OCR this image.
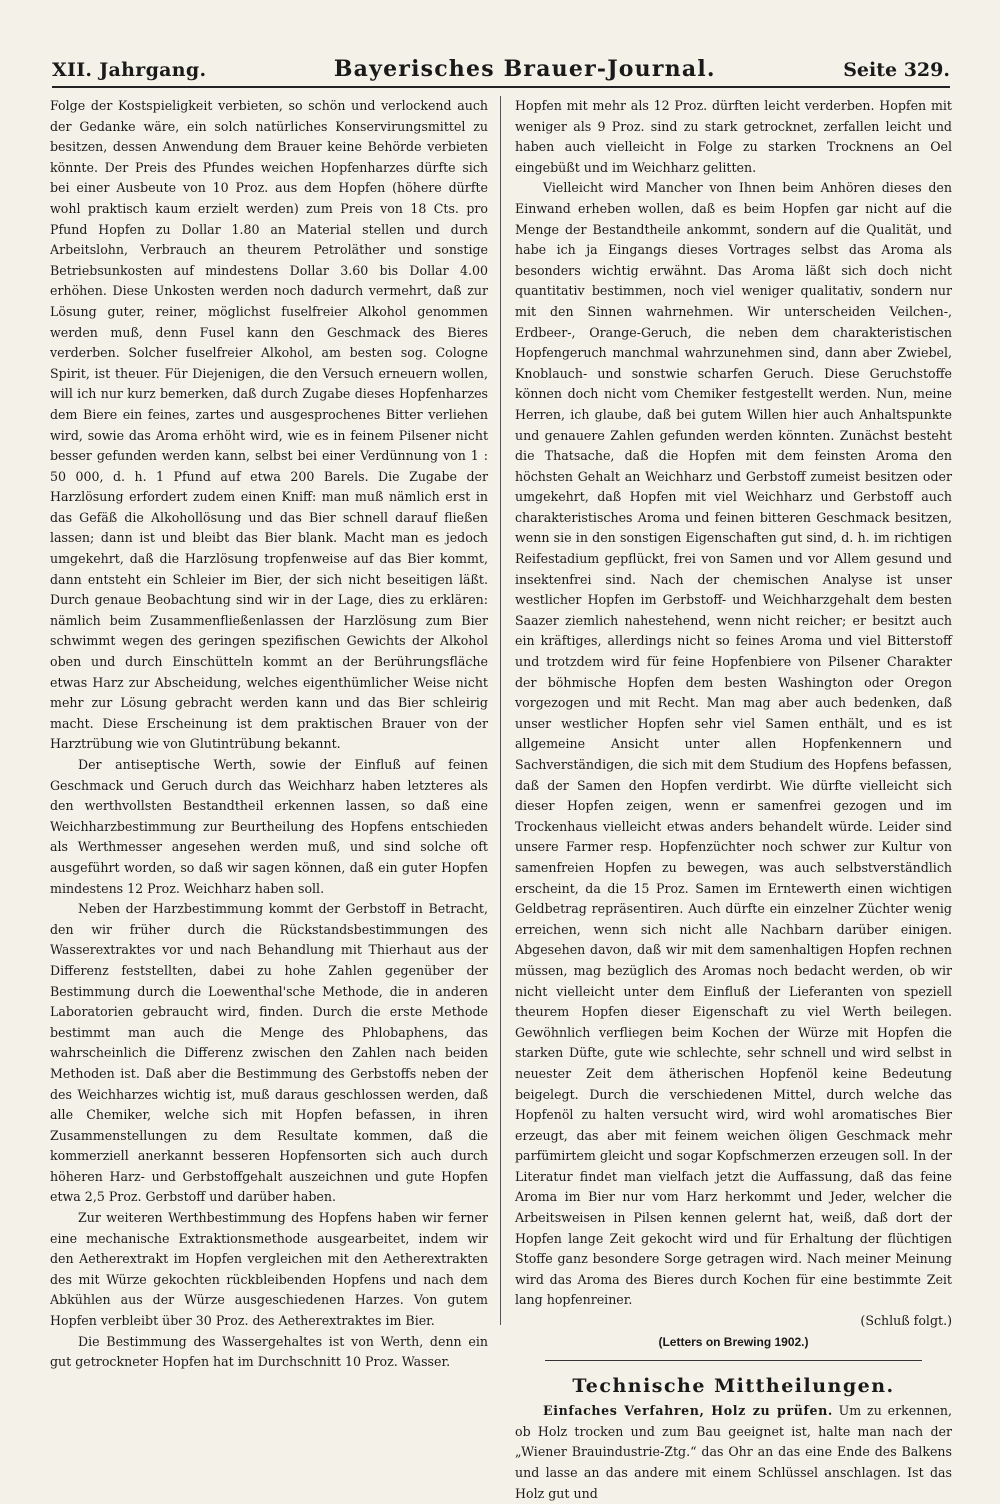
XII. Jahrgang.	Bayerisches Brauer-Journal.	Seite 329.

Folge der Kostspieligkeit verbieten, so schön und verlockend auch der Gedanke wäre, ein solch natürliches Konservirungsmittel zu besitzen, dessen Anwendung dem Brauer keine Behörde verbieten könnte. Der Preis des Pfundes weichen Hopfenharzes dürfte sich bei einer Ausbeute von 10 Proz. aus dem Hopfen (höhere dürfte wohl praktisch kaum erzielt werden) zum Preis von 18 Cts. pro Pfund Hopfen zu Dollar 1.80 an Material stellen und durch Arbeitslohn, Verbrauch an theurem Petroläther und sonstige Betriebsunkosten auf mindestens Dollar 3.60 bis Dollar 4.00 erhöhen. Diese Unkosten werden noch dadurch vermehrt, daß zur Lösung guter, reiner, möglichst fuselfreier Alkohol genommen werden muß, denn Fusel kann den Geschmack des Bieres verderben. Solcher fuselfreier Alkohol, am besten sog. Cologne Spirit, ist theuer. Für Diejenigen, die den Versuch erneuern wollen, will ich nur kurz bemerken, daß durch Zugabe dieses Hopfenharzes dem Biere ein feines, zartes und ausgesprochenes Bitter verliehen wird, sowie das Aroma erhöht wird, wie es in feinem Pilsener nicht besser gefunden werden kann, selbst bei einer Verdünnung von 1 : 50 000, d. h. 1 Pfund auf etwa 200 Barels. Die Zugabe der Harzlösung erfordert zudem einen Kniff: man muß nämlich erst in das Gefäß die Alkohollösung und das Bier schnell darauf fließen lassen; dann ist und bleibt das Bier blank. Macht man es jedoch umgekehrt, daß die Harzlösung tropfenweise auf das Bier kommt, dann entsteht ein Schleier im Bier, der sich nicht beseitigen läßt. Durch genaue Beobachtung sind wir in der Lage, dies zu erklären: nämlich beim Zusammenfließenlassen der Harzlösung zum Bier schwimmt wegen des geringen spezifischen Gewichts der Alkohol oben und durch Einschütteln kommt an der Berührungsfläche etwas Harz zur Abscheidung, welches eigenthümlicher Weise nicht mehr zur Lösung gebracht werden kann und das Bier schleirig macht. Diese Erscheinung ist dem praktischen Brauer von der Harztrübung wie von Glutintrübung bekannt.

Der antiseptische Werth, sowie der Einfluß auf feinen Geschmack und Geruch durch das Weichharz haben letzteres als den werthvollsten Bestandtheil erkennen lassen, so daß eine Weichharzbestimmung zur Beurtheilung des Hopfens entschieden als Werthmesser angesehen werden muß, und sind solche oft ausgeführt worden, so daß wir sagen können, daß ein guter Hopfen mindestens 12 Proz. Weichharz haben soll.

Neben der Harzbestimmung kommt der Gerbstoff in Betracht, den wir früher durch die Rückstandsbestimmungen des Wasserextraktes vor und nach Behandlung mit Thierhaut aus der Differenz feststellten, dabei zu hohe Zahlen gegenüber der Bestimmung durch die Loewenthal'sche Methode, die in anderen Laboratorien gebraucht wird, finden. Durch die erste Methode bestimmt man auch die Menge des Phlobaphens, das wahrscheinlich die Differenz zwischen den Zahlen nach beiden Methoden ist. Daß aber die Bestimmung des Gerbstoffs neben der des Weichharzes wichtig ist, muß daraus geschlossen werden, daß alle Chemiker, welche sich mit Hopfen befassen, in ihren Zusammenstellungen zu dem Resultate kommen, daß die kommerziell anerkannt besseren Hopfensorten sich auch durch höheren Harz- und Gerbstoffgehalt auszeichnen und gute Hopfen etwa 2,5 Proz. Gerbstoff und darüber haben.

Zur weiteren Werthbestimmung des Hopfens haben wir ferner eine mechanische Extraktionsmethode ausgearbeitet, indem wir den Aetherextrakt im Hopfen vergleichen mit den Aetherextrakten des mit Würze gekochten rückbleibenden Hopfens und nach dem Abkühlen aus der Würze ausgeschiedenen Harzes. Von gutem Hopfen verbleibt über 30 Proz. des Aetherextraktes im Bier.

Die Bestimmung des Wassergehaltes ist von Werth, denn ein gut getrockneter Hopfen hat im Durchschnitt 10 Proz. Wasser.

Hopfen mit mehr als 12 Proz. dürften leicht verderben. Hopfen mit weniger als 9 Proz. sind zu stark getrocknet, zerfallen leicht und haben auch vielleicht in Folge zu starken Trocknens an Oel eingebüßt und im Weichharz gelitten.

Vielleicht wird Mancher von Ihnen beim Anhören dieses den Einwand erheben wollen, daß es beim Hopfen gar nicht auf die Menge der Bestandtheile ankommt, sondern auf die Qualität, und habe ich ja Eingangs dieses Vortrages selbst das Aroma als besonders wichtig erwähnt. Das Aroma läßt sich doch nicht quantitativ bestimmen, noch viel weniger qualitativ, sondern nur mit den Sinnen wahrnehmen. Wir unterscheiden Veilchen-, Erdbeer-, Orange-Geruch, die neben dem charakteristischen Hopfengeruch manchmal wahrzunehmen sind, dann aber Zwiebel, Knoblauch- und sonstwie scharfen Geruch. Diese Geruchstoffe können doch nicht vom Chemiker festgestellt werden. Nun, meine Herren, ich glaube, daß bei gutem Willen hier auch Anhaltspunkte und genauere Zahlen gefunden werden könnten. Zunächst besteht die Thatsache, daß die Hopfen mit dem feinsten Aroma den höchsten Gehalt an Weichharz und Gerbstoff zumeist besitzen oder umgekehrt, daß Hopfen mit viel Weichharz und Gerbstoff auch charakteristisches Aroma und feinen bitteren Geschmack besitzen, wenn sie in den sonstigen Eigenschaften gut sind, d. h. im richtigen Reifestadium gepflückt, frei von Samen und vor Allem gesund und insektenfrei sind. Nach der chemischen Analyse ist unser westlicher Hopfen im Gerbstoff- und Weichharzgehalt dem besten Saazer ziemlich nahestehend, wenn nicht reicher; er besitzt auch ein kräftiges, allerdings nicht so feines Aroma und viel Bitterstoff und trotzdem wird für feine Hopfenbiere von Pilsener Charakter der böhmische Hopfen dem besten Washington oder Oregon vorgezogen und mit Recht. Man mag aber auch bedenken, daß unser westlicher Hopfen sehr viel Samen enthält, und es ist allgemeine Ansicht unter allen Hopfenkennern und Sachverständigen, die sich mit dem Studium des Hopfens befassen, daß der Samen den Hopfen verdirbt. Wie dürfte vielleicht sich dieser Hopfen zeigen, wenn er samenfrei gezogen und im Trockenhaus vielleicht etwas anders behandelt würde. Leider sind unsere Farmer resp. Hopfenzüchter noch schwer zur Kultur von samenfreien Hopfen zu bewegen, was auch selbstverständlich erscheint, da die 15 Proz. Samen im Erntewerth einen wichtigen Geldbetrag repräsentiren. Auch dürfte ein einzelner Züchter wenig erreichen, wenn sich nicht alle Nachbarn darüber einigen. Abgesehen davon, daß wir mit dem samenhaltigen Hopfen rechnen müssen, mag bezüglich des Aromas noch bedacht werden, ob wir nicht vielleicht unter dem Einfluß der Lieferanten von speziell theurem Hopfen dieser Eigenschaft zu viel Werth beilegen. Gewöhnlich verfliegen beim Kochen der Würze mit Hopfen die starken Düfte, gute wie schlechte, sehr schnell und wird selbst in neuester Zeit dem ätherischen Hopfenöl keine Bedeutung beigelegt. Durch die verschiedenen Mittel, durch welche das Hopfenöl zu halten versucht wird, wird wohl aromatisches Bier erzeugt, das aber mit feinem weichen öligen Geschmack mehr parfümirtem gleicht und sogar Kopfschmerzen erzeugen soll. In der Literatur findet man vielfach jetzt die Auffassung, daß das feine Aroma im Bier nur vom Harz herkommt und Jeder, welcher die Arbeitsweisen in Pilsen kennen gelernt hat, weiß, daß dort der Hopfen lange Zeit gekocht wird und für Erhaltung der flüchtigen Stoffe ganz besondere Sorge getragen wird. Nach meiner Meinung wird das Aroma des Bieres durch Kochen für eine bestimmte Zeit lang hopfenreiner.

(Schluß folgt.)

(Letters on Brewing 1902.)

Technische Mittheilungen.

Einfaches Verfahren, Holz zu prüfen. Um zu erkennen, ob Holz trocken und zum Bau geeignet ist, halte man nach der „Wiener Brauindustrie-Ztg.“ das Ohr an das eine Ende des Balkens und lasse an das andere mit einem Schlüssel anschlagen. Ist das Holz gut und
